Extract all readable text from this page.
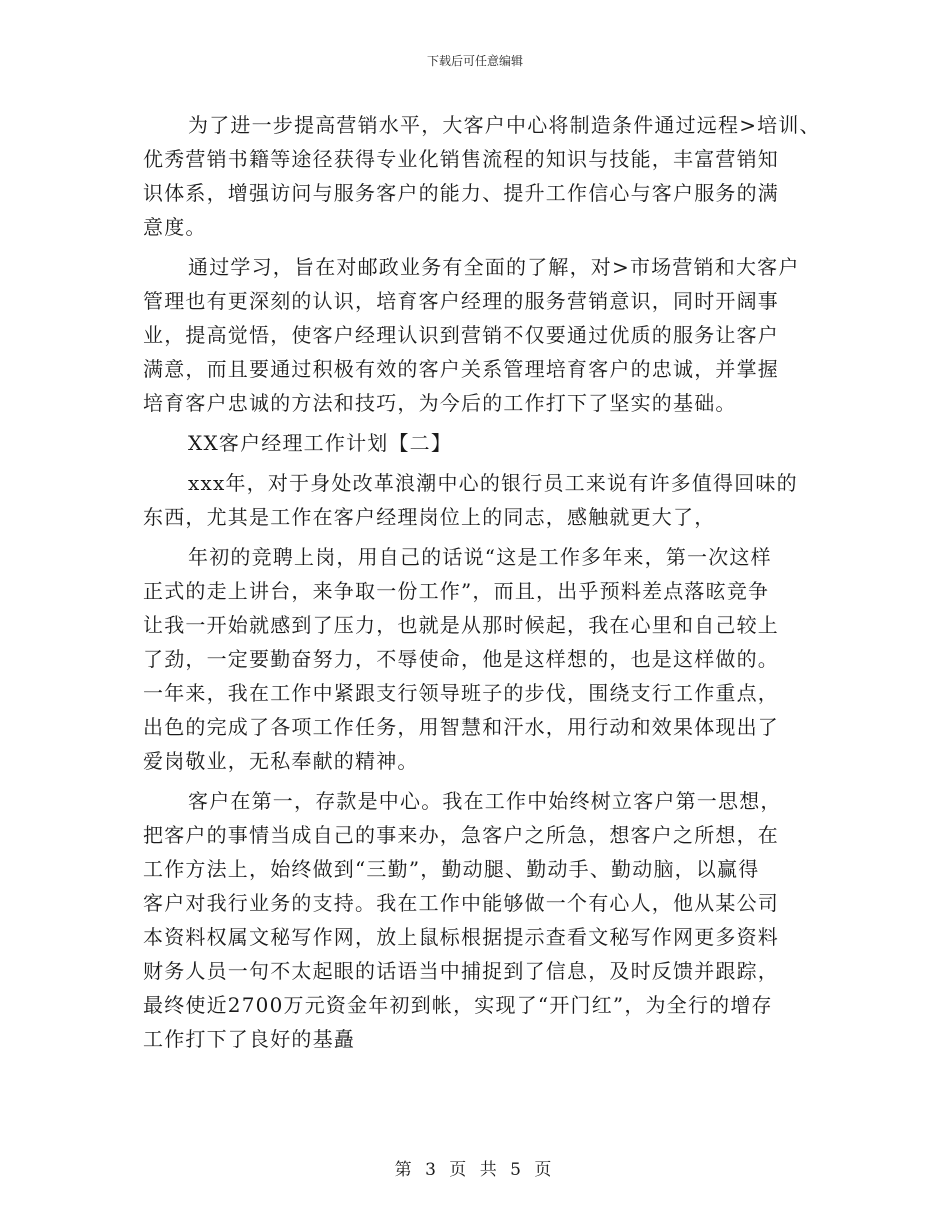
下载后可任意编辑
为了进一步提高营销水平，大客户中心将制造条件通过远程>培训、
优秀营销书籍等途径获得专业化销售流程的知识与技能，丰富营销知
识体系，增强访问与服务客户的能力、提升工作信心与客户服务的满
意度。
通过学习，旨在对邮政业务有全面的了解，对>市场营销和大客户
管理也有更深刻的认识，培育客户经理的服务营销意识，同时开阔事
业，提高觉悟，使客户经理认识到营销不仅要通过优质的服务让客户
满意，而且要通过积极有效的客户关系管理培育客户的忠诚，并掌握
培育客户忠诚的方法和技巧，为今后的工作打下了坚实的基础。
XX客户经理工作计划【二】
xxx年，对于身处改革浪潮中心的银行员工来说有许多值得回味的
东西，尤其是工作在客户经理岗位上的同志，感触就更大了，
年初的竞聘上岗，用自己的话说“这是工作多年来，第一次这样
正式的走上讲台，来争取一份工作”，而且，出乎预料差点落昡竞争
让我一开始就感到了压力，也就是从那时候起，我在心里和自己较上
了劲，一定要勤奋努力，不辱使命，他是这样想的，也是这样做的。
一年来，我在工作中紧跟支行领导班子的步伐，围绕支行工作重点，
出色的完成了各项工作任务，用智慧和汗水，用行动和效果体现出了
爱岗敬业，无私奉献的精神。
客户在第一，存款是中心。我在工作中始终树立客户第一思想，
把客户的事情当成自己的事来办，急客户之所急，想客户之所想，在
工作方法上，始终做到“三勤”，勤动腿、勤动手、勤动脑，以赢得
客户对我行业务的支持。我在工作中能够做一个有心人，他从某公司
本资料权属文秘写作网，放上鼠标根据提示查看文秘写作网更多资料
财务人员一句不太起眼的话语当中捕捉到了信息，及时反馈并跟踪，
最终使近2700万元资金年初到帐，实现了“开门红”，为全行的增存
工作打下了良好的基矗
第 3 页 共 5 页
